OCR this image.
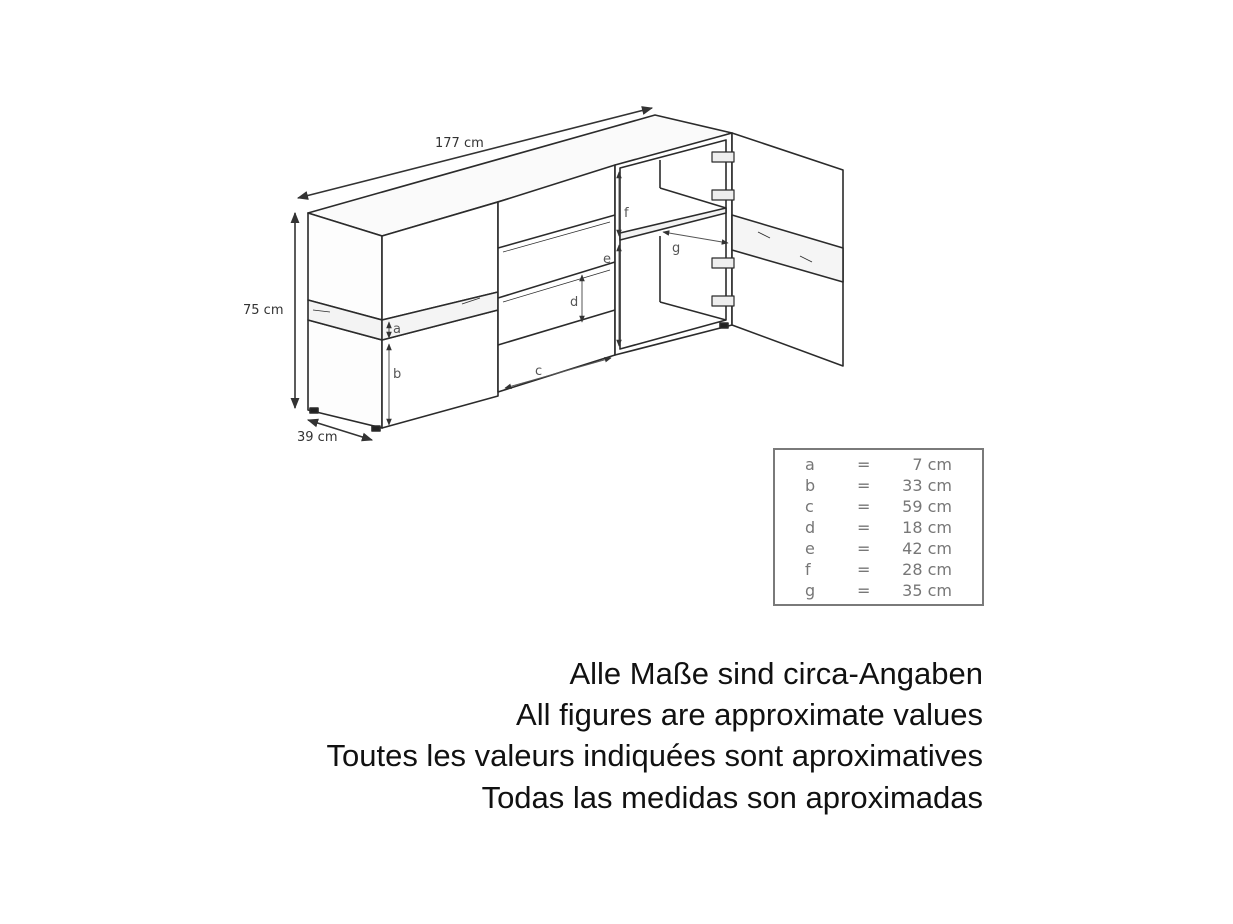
177 cm
75 cm
39 cm
a
b	c
d
e
f
g
a	=	7 cm
b	= 33 cm
c	= 59 cm
d	= 18 cm
e	= 42 cm
f	= 28 cm
g	= 35 cm
Alle Maße sind circa-Angaben
All figures are approximate values
Toutes les valeurs indiquées sont aproximatives
Todas las medidas son aproximadas
